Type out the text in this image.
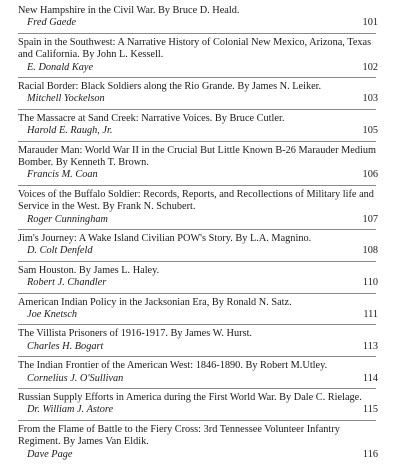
New Hampshire in the Civil War. By Bruce D. Heald.
Fred Gaede	101
Spain in the Southwest: A Narrative History of Colonial New Mexico, Arizona, Texas and California. By John L. Kessell.
E. Donald Kaye	102
Racial Border: Black Soldiers along the Rio Grande. By James N. Leiker.
Mitchell Yockelson	103
The Massacre at Sand Creek: Narrative Voices. By Bruce Cutler.
Harold E. Raugh, Jr.	105
Marauder Man: World War II in the Crucial But Little Known B-26 Marauder Medium Bomber. By Kenneth T. Brown.
Francis M. Coan	106
Voices of the Buffalo Soldier: Records, Reports, and Recollections of Military life and Service in the West. By Frank N. Schubert.
Roger Cunningham	107
Jim's Journey: A Wake Island Civilian POW's Story. By L.A. Magnino.
D. Colt Denfeld	108
Sam Houston. By James L. Haley.
Robert J. Chandler	110
American Indian Policy in the Jacksonian Era, By Ronald N. Satz.
Joe Knetsch	111
The Villista Prisoners of 1916-1917. By James W. Hurst.
Charles H. Bogart	113
The Indian Frontier of the American West: 1846-1890. By Robert M.Utley.
Cornelius J. O'Sullivan	114
Russian Supply Efforts in America during the First World War. By Dale C. Rielage.
Dr. William J. Astore	115
From the Flame of Battle to the Fiery Cross: 3rd Tennessee Volunteer Infantry Regiment. By James Van Eldik.
Dave Page	116
